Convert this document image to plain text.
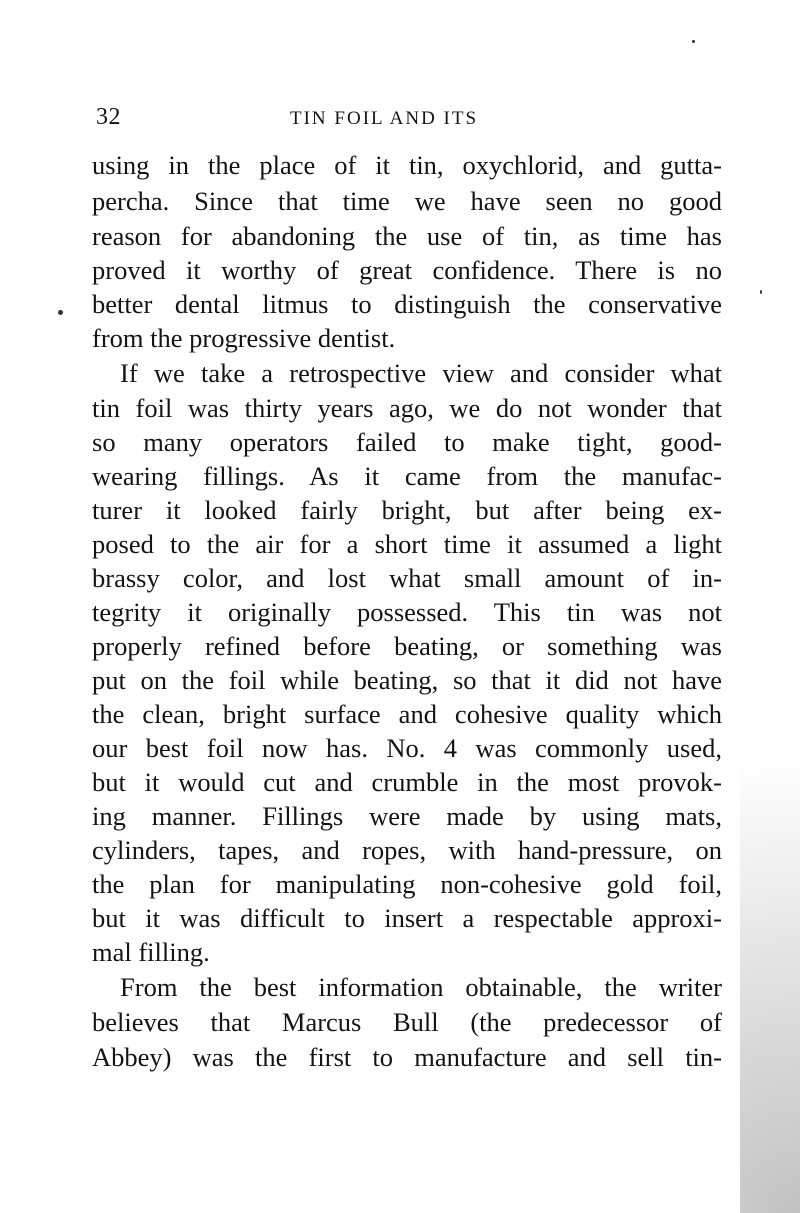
32	TIN FOIL AND ITS
using in the place of it tin, oxychlorid, and gutta-
percha. Since that time we have seen no good
reason for abandoning the use of tin, as time has
proved it worthy of great confidence. There is no
better dental litmus to distinguish the conservative
from the progressive dentist.
If we take a retrospective view and consider what
tin foil was thirty years ago, we do not wonder that
so many operators failed to make tight, good-
wearing fillings. As it came from the manufac-
turer it looked fairly bright, but after being ex-
posed to the air for a short time it assumed a light
brassy color, and lost what small amount of in-
tegrity it originally possessed. This tin was not
properly refined before beating, or something was
put on the foil while beating, so that it did not have
the clean, bright surface and cohesive quality which
our best foil now has. No. 4 was commonly used,
but it would cut and crumble in the most provok-
ing manner. Fillings were made by using mats,
cylinders, tapes, and ropes, with hand-pressure, on
the plan for manipulating non-cohesive gold foil,
but it was difficult to insert a respectable approxi-
mal filling.
From the best information obtainable, the writer
believes that Marcus Bull (the predecessor of
Abbey) was the first to manufacture and sell tin-
